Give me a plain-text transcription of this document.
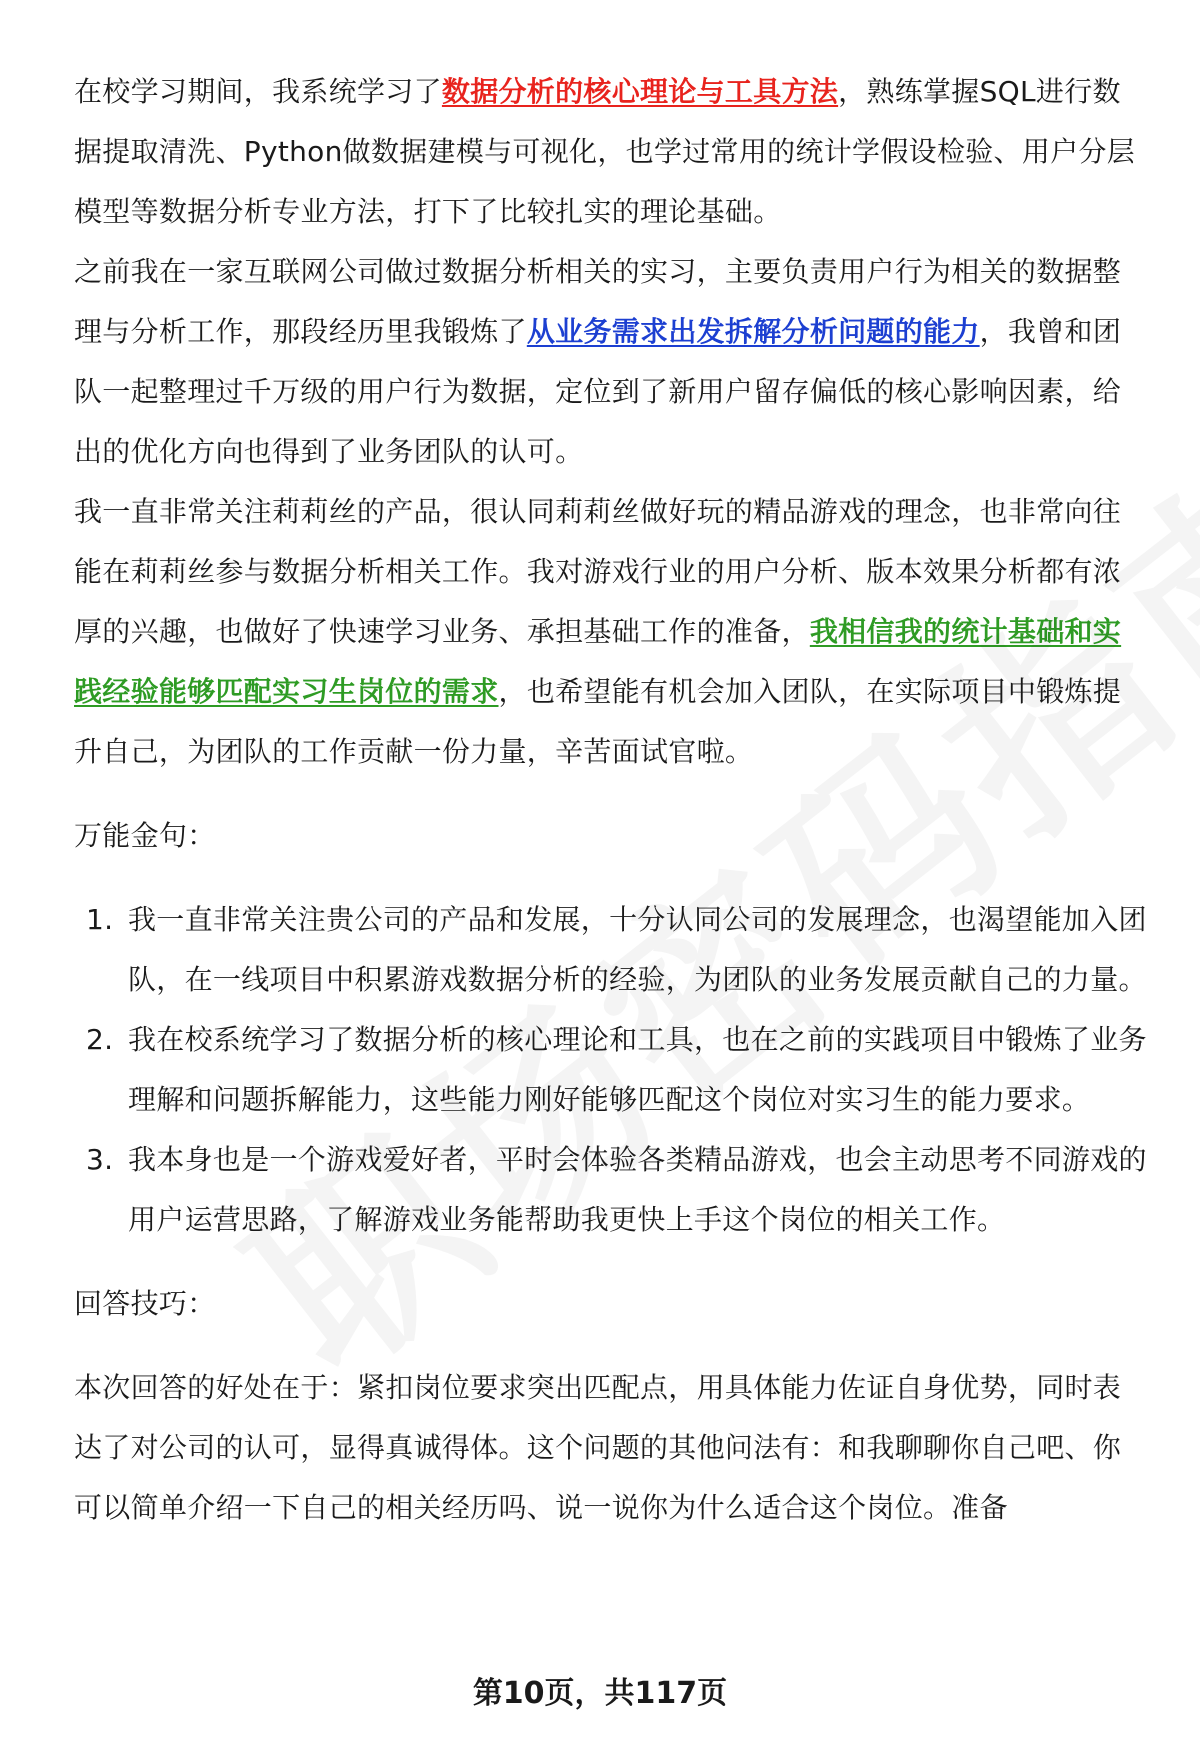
在校学习期间，我系统学习了数据分析的核心理论与工具方法，熟练掌握SQL进行数据提取清洗、Python做数据建模与可视化，也学过常用的统计学假设检验、用户分层模型等数据分析专业方法，打下了比较扎实的理论基础。

之前我在一家互联网公司做过数据分析相关的实习，主要负责用户行为相关的数据整理与分析工作，那段经历里我锻炼了从业务需求出发拆解分析问题的能力，我曾和团队一起整理过千万级的用户行为数据，定位到了新用户留存偏低的核心影响因素，给出的优化方向也得到了业务团队的认可。

我一直非常关注莉莉丝的产品，很认同莉莉丝做好玩的精品游戏的理念，也非常向往能在莉莉丝参与数据分析相关工作。我对游戏行业的用户分析、版本效果分析都有浓厚的兴趣，也做好了快速学习业务、承担基础工作的准备，我相信我的统计基础和实践经验能够匹配实习生岗位的需求，也希望能有机会加入团队，在实际项目中锻炼提升自己，为团队的工作贡献一份力量，辛苦面试官啦。

万能金句：

1. 我一直非常关注贵公司的产品和发展，十分认同公司的发展理念，也渴望能加入团队，在一线项目中积累游戏数据分析的经验，为团队的业务发展贡献自己的力量。
2. 我在校系统学习了数据分析的核心理论和工具，也在之前的实践项目中锻炼了业务理解和问题拆解能力，这些能力刚好能够匹配这个岗位对实习生的能力要求。
3. 我本身也是一个游戏爱好者，平时会体验各类精品游戏，也会主动思考不同游戏的用户运营思路，了解游戏业务能帮助我更快上手这个岗位的相关工作。

回答技巧：

本次回答的好处在于：紧扣岗位要求突出匹配点，用具体能力佐证自身优势，同时表达了对公司的认可，显得真诚得体。这个问题的其他问法有：和我聊聊你自己吧、你可以简单介绍一下自己的相关经历吗、说一说你为什么适合这个岗位。准备

第10页，共117页
